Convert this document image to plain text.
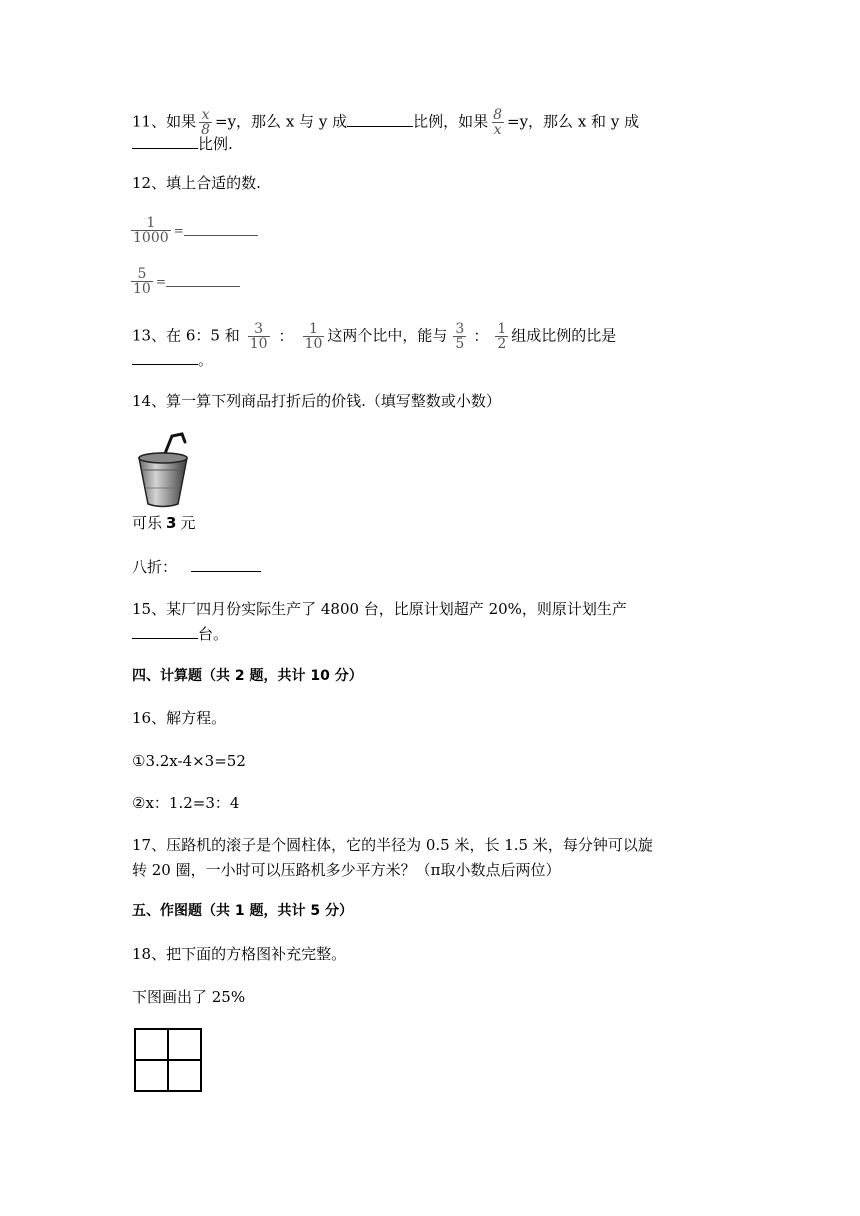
11、如果 $\frac{x}{8} =y$，那么 x 与 y 成	比例，如果 $\frac{8}{x} =y$，那么 x 和 y 成
比例.
12、填上合适的数.
$\frac{1}{1000}$ =
$\frac{5}{10}$ =
13、在 6：5 和 $\frac{3}{10}$ ： $\frac{1}{10}$ 这两个比中，能与 $\frac{3}{5}$ ： $\frac{1}{2}$ 组成比例的比是
。
14、算一算下列商品打折后的价钱.（填写整数或小数）
可乐 3 元
八折：
15、某厂四月份实际生产了 4800 台，比原计划超产 20%，则原计划生产
台。
四、计算题（共 2 题，共计 10 分）
16、解方程。
①3.2x-4×3=52
②x：1.2=3：4
17、压路机的滚子是个圆柱体，它的半径为 0.5 米，长 1.5 米，每分钟可以旋
转 20 圈，一小时可以压路机多少平方米？（π取小数点后两位）
五、作图题（共 1 题，共计 5 分）
18、把下面的方格图补充完整。
下图画出了 25%
